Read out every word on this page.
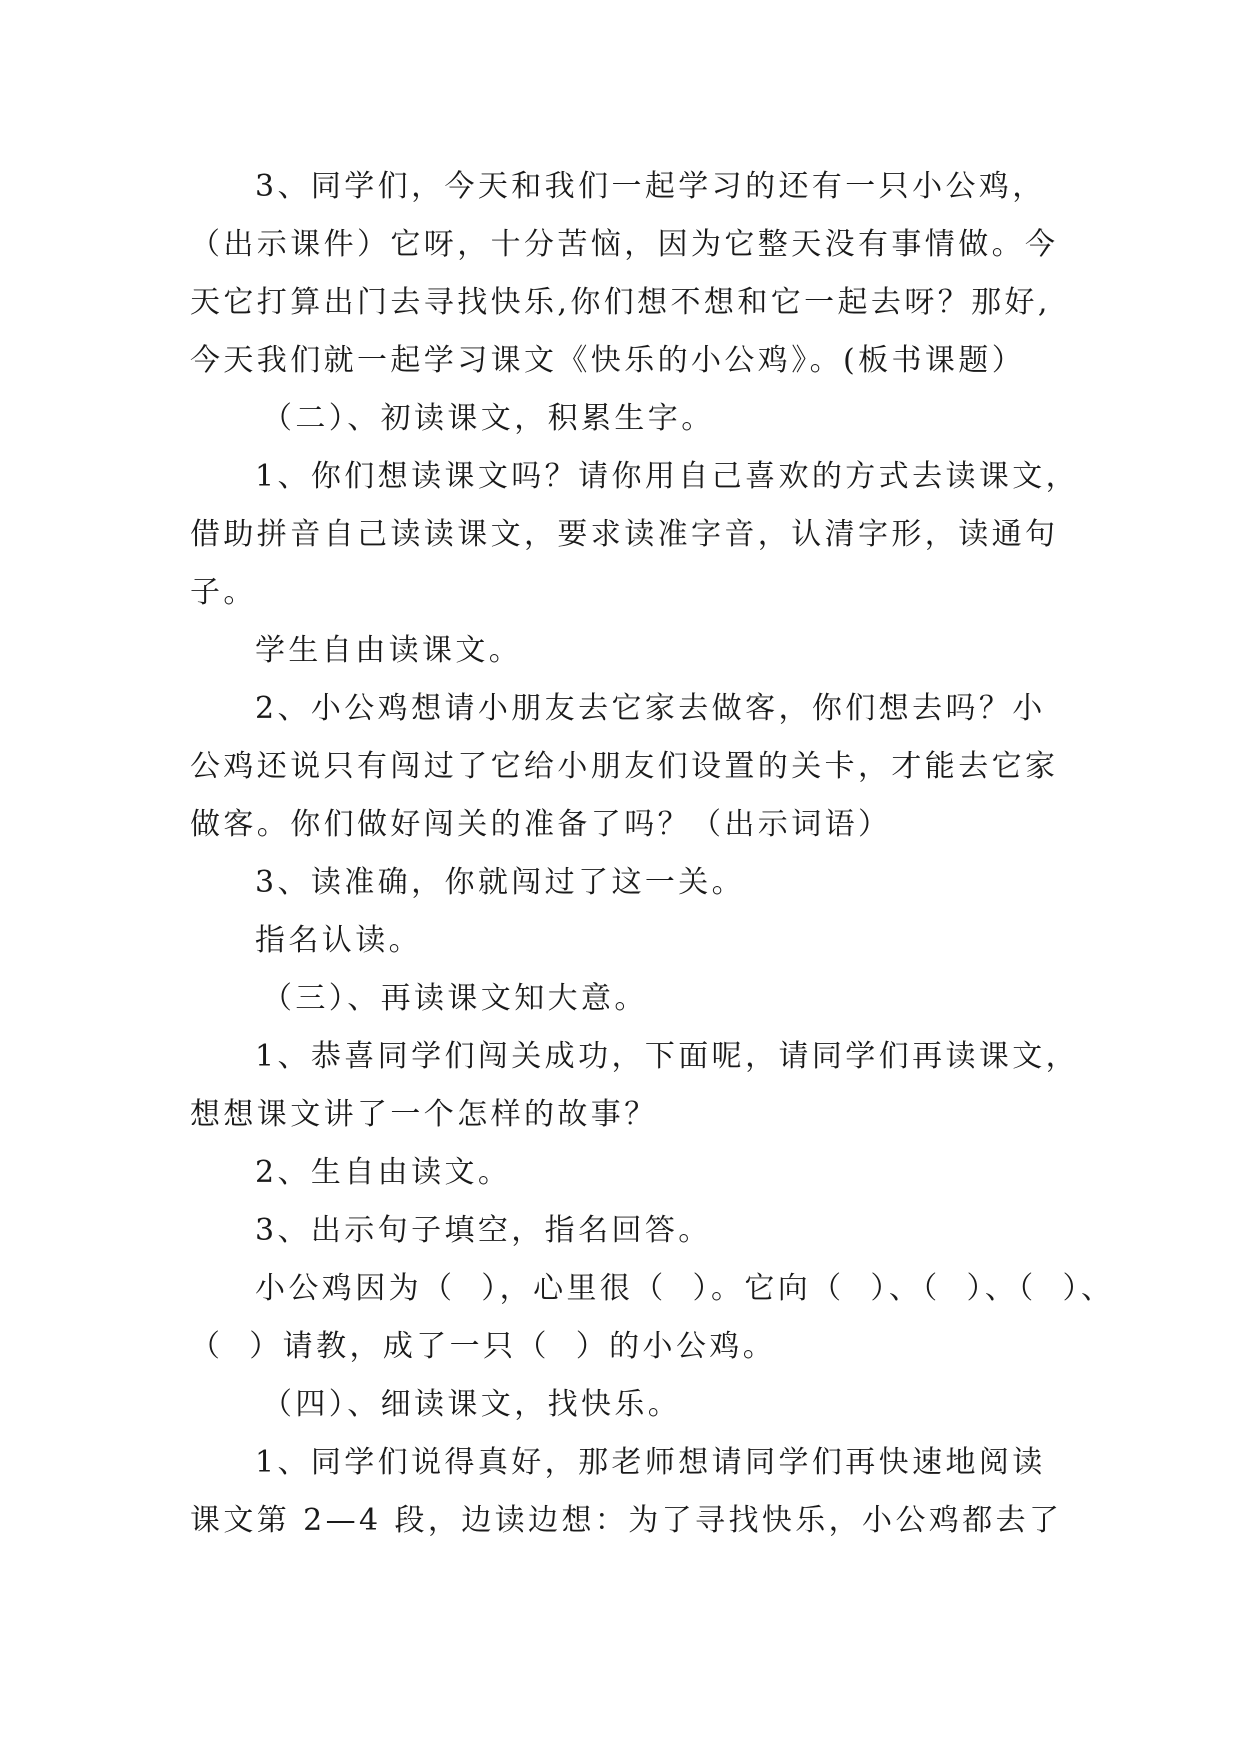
3、同学们，今天和我们一起学习的还有一只小公鸡，
（出示课件）它呀，十分苦恼，因为它整天没有事情做。今
天它打算出门去寻找快乐,你们想不想和它一起去呀？那好,
今天我们就一起学习课文《快乐的小公鸡》。(板书课题）
（二）、初读课文，积累生字。
1、你们想读课文吗？请你用自己喜欢的方式去读课文，
借助拼音自己读读课文，要求读准字音，认清字形，读通句
子。
学生自由读课文。
2、小公鸡想请小朋友去它家去做客，你们想去吗？小
公鸡还说只有闯过了它给小朋友们设置的关卡，才能去它家
做客。你们做好闯关的准备了吗？（出示词语）
3、读准确，你就闯过了这一关。
指名认读。
（三）、再读课文知大意。
1、恭喜同学们闯关成功，下面呢，请同学们再读课文，
想想课文讲了一个怎样的故事？
2、生自由读文。
3、出示句子填空，指名回答。
小公鸡因为（  ），心里很（  ）。它向（  ）、（  ）、（  ）、
（  ）请教，成了一只（  ）的小公鸡。
（四）、细读课文，找快乐。
1、同学们说得真好，那老师想请同学们再快速地阅读
课文第 2—4 段，边读边想：为了寻找快乐，小公鸡都去了
